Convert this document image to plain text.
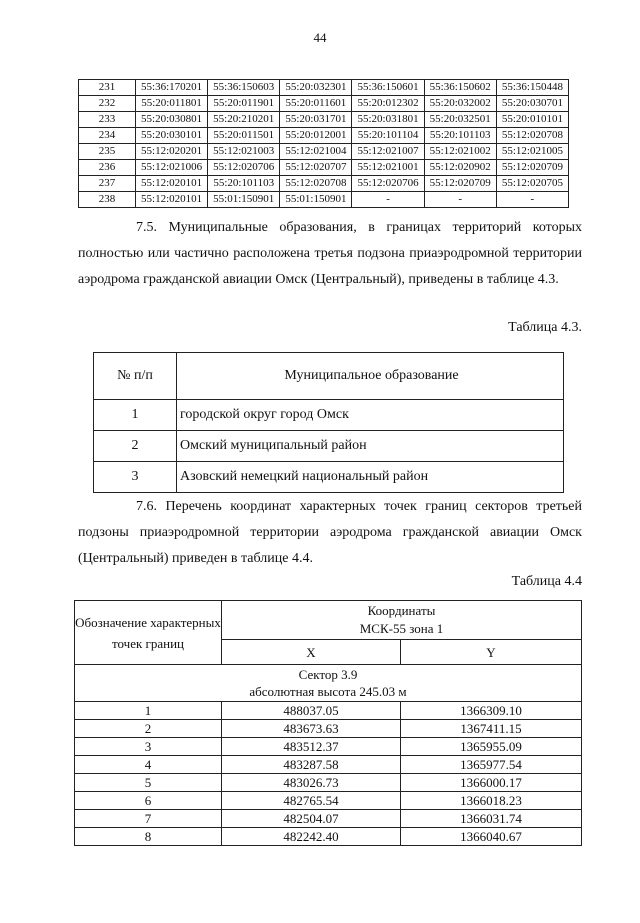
44
231	55:36:170201	55:36:150603	55:20:032301	55:36:150601	55:36:150602	55:36:150448
232	55:20:011801	55:20:011901	55:20:011601	55:20:012302	55:20:032002	55:20:030701
233	55:20:030801	55:20:210201	55:20:031701	55:20:031801	55:20:032501	55:20:010101
234	55:20:030101	55:20:011501	55:20:012001	55:20:101104	55:20:101103	55:12:020708
235	55:12:020201	55:12:021003	55:12:021004	55:12:021007	55:12:021002	55:12:021005
236	55:12:021006	55:12:020706	55:12:020707	55:12:021001	55:12:020902	55:12:020709
237	55:12:020101	55:20:101103	55:12:020708	55:12:020706	55:12:020709	55:12:020705
238	55:12:020101	55:01:150901	55:01:150901	-	-	-

7.5. Муниципальные образования, в границах территорий которых полностью или частично расположена третья подзона приаэродромной территории аэродрома гражданской авиации Омск (Центральный), приведены в таблице 4.3.

Таблица 4.3.
№ п/п	Муниципальное образование
1	городской округ город Омск
2	Омский муниципальный район
3	Азовский немецкий национальный район

7.6. Перечень координат характерных точек границ секторов третьей подзоны приаэродромной территории аэродрома гражданской авиации Омск (Центральный) приведен в таблице 4.4.

Таблица 4.4
Обозначение характерных точек границ	Координаты
МСК-55 зона 1	

	X	Y

Сектор 3.9
абсолютная высота 245.03 м		

1	488037.05	1366309.10
2	483673.63	1367411.15
3	483512.37	1365955.09
4	483287.58	1365977.54
5	483026.73	1366000.17
6	482765.54	1366018.23
7	482504.07	1366031.74
8	482242.40	1366040.67
